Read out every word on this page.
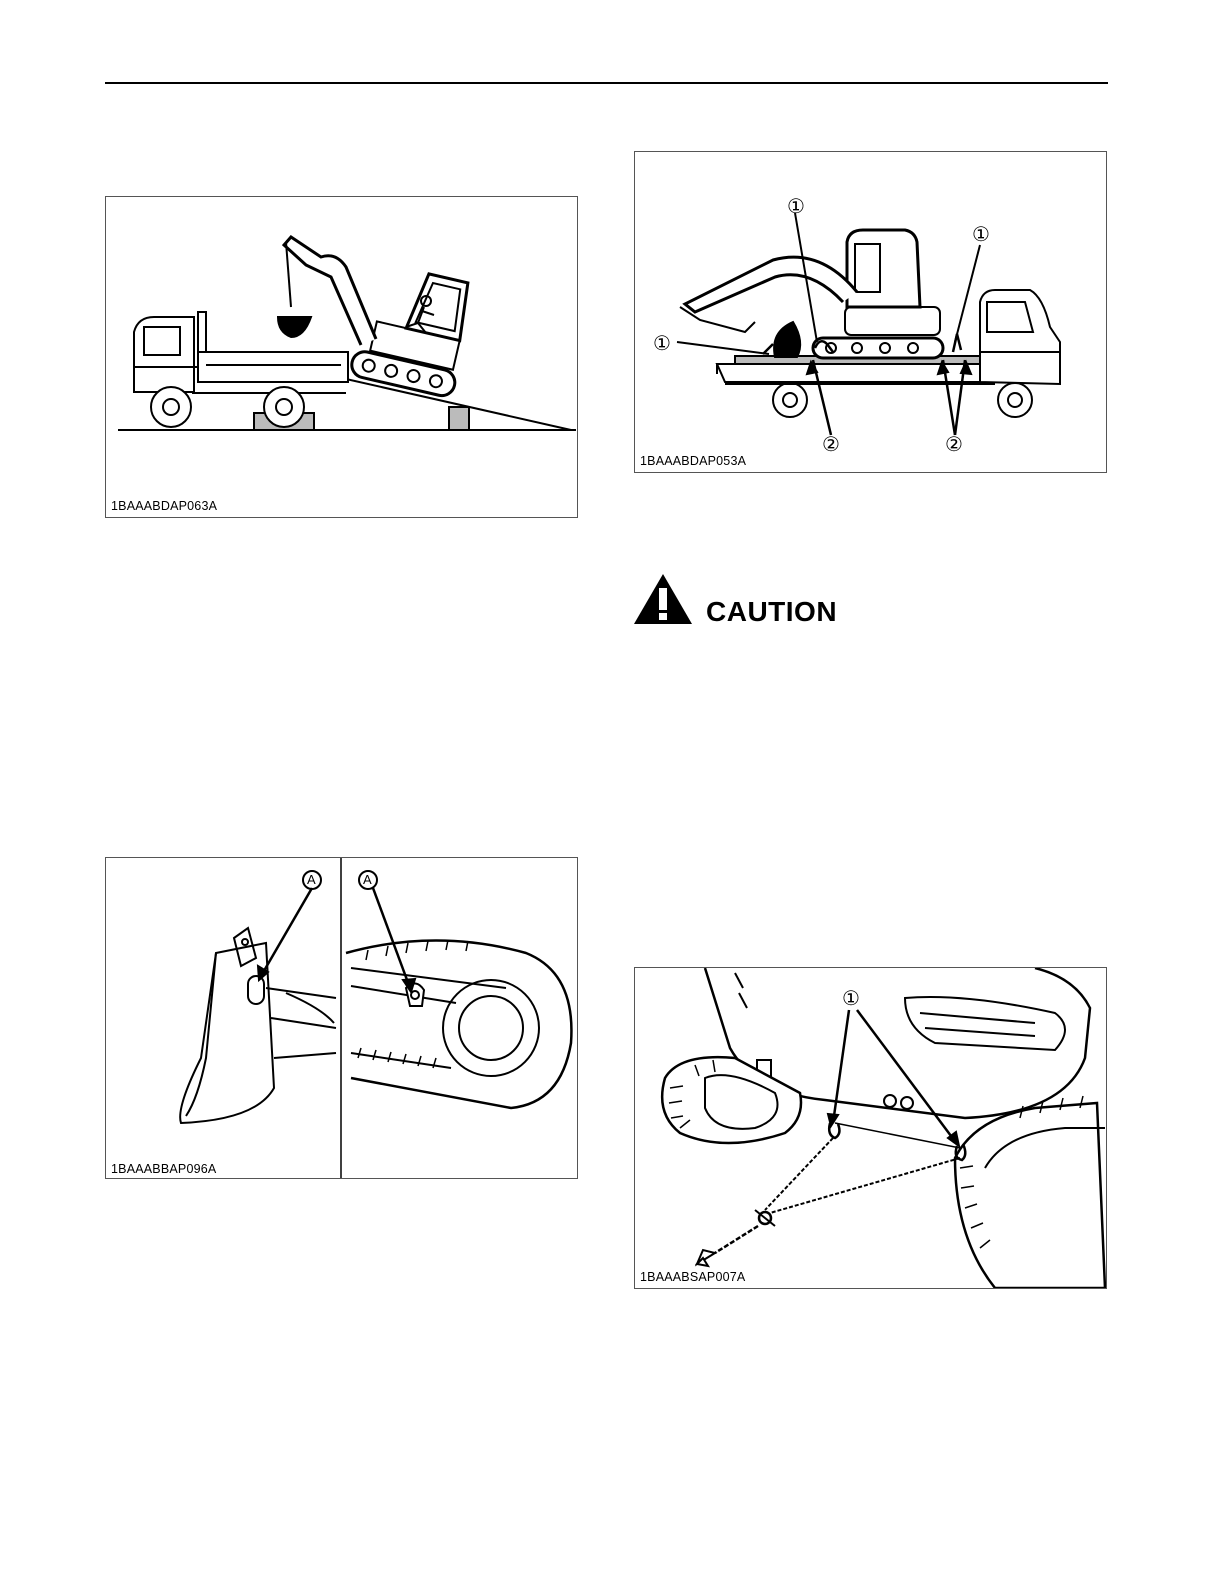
1BAAABDAP063A
①
①
①
②	②
1BAAABDAP053A
CAUTION
A	A
1BAAABBAP096A
①
1BAAABSAP007A
